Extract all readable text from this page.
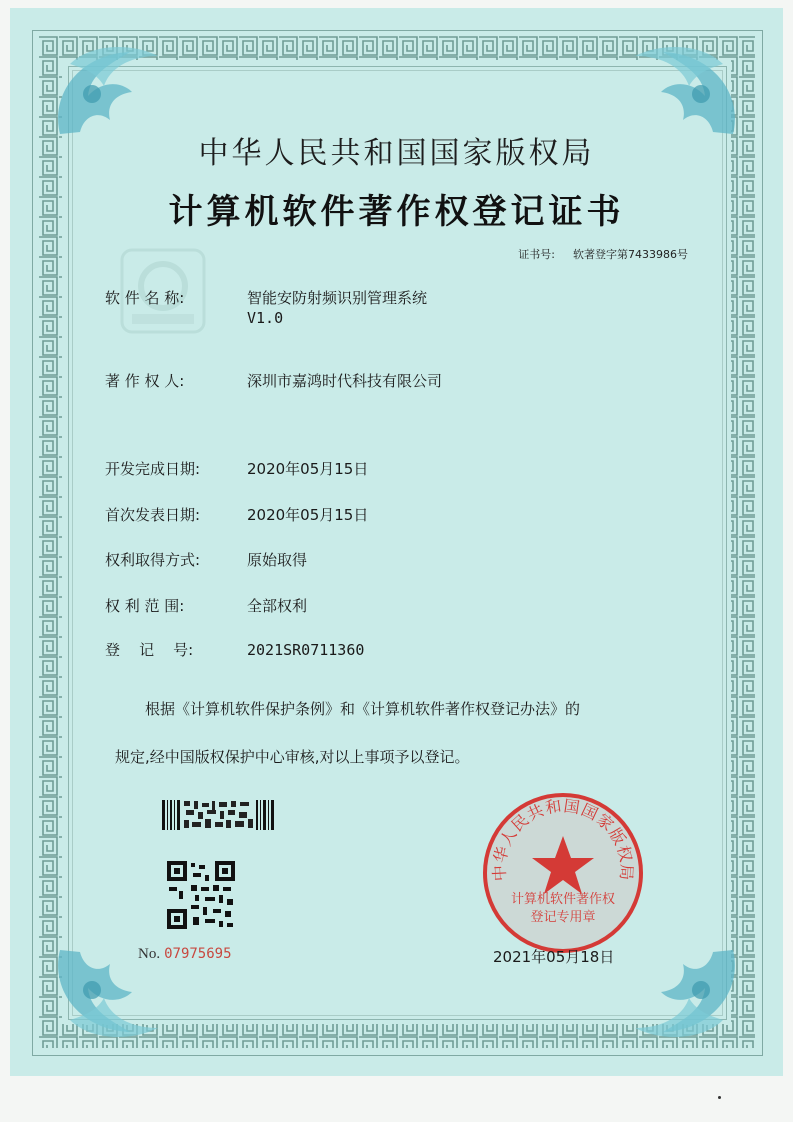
中华人民共和国国家版权局
计算机软件著作权登记证书
证书号: 软著登字第7433986号
软 件 名 称:	智能安防射频识别管理系统
V1.0
著 作 权 人:	深圳市嘉鸿时代科技有限公司
开发完成日期:	2020年05月15日
首次发表日期:	2020年05月15日
权利取得方式:	原始取得
权 利 范 围:	全部权利
登    记    号:	2021SR0711360
根据《计算机软件保护条例》和《计算机软件著作权登记办法》的
规定,经中国版权保护中心审核,对以上事项予以登记。
No. 07975695
中华人民共和国国家版权局
计算机软件著作权
登记专用章
2021年05月18日
